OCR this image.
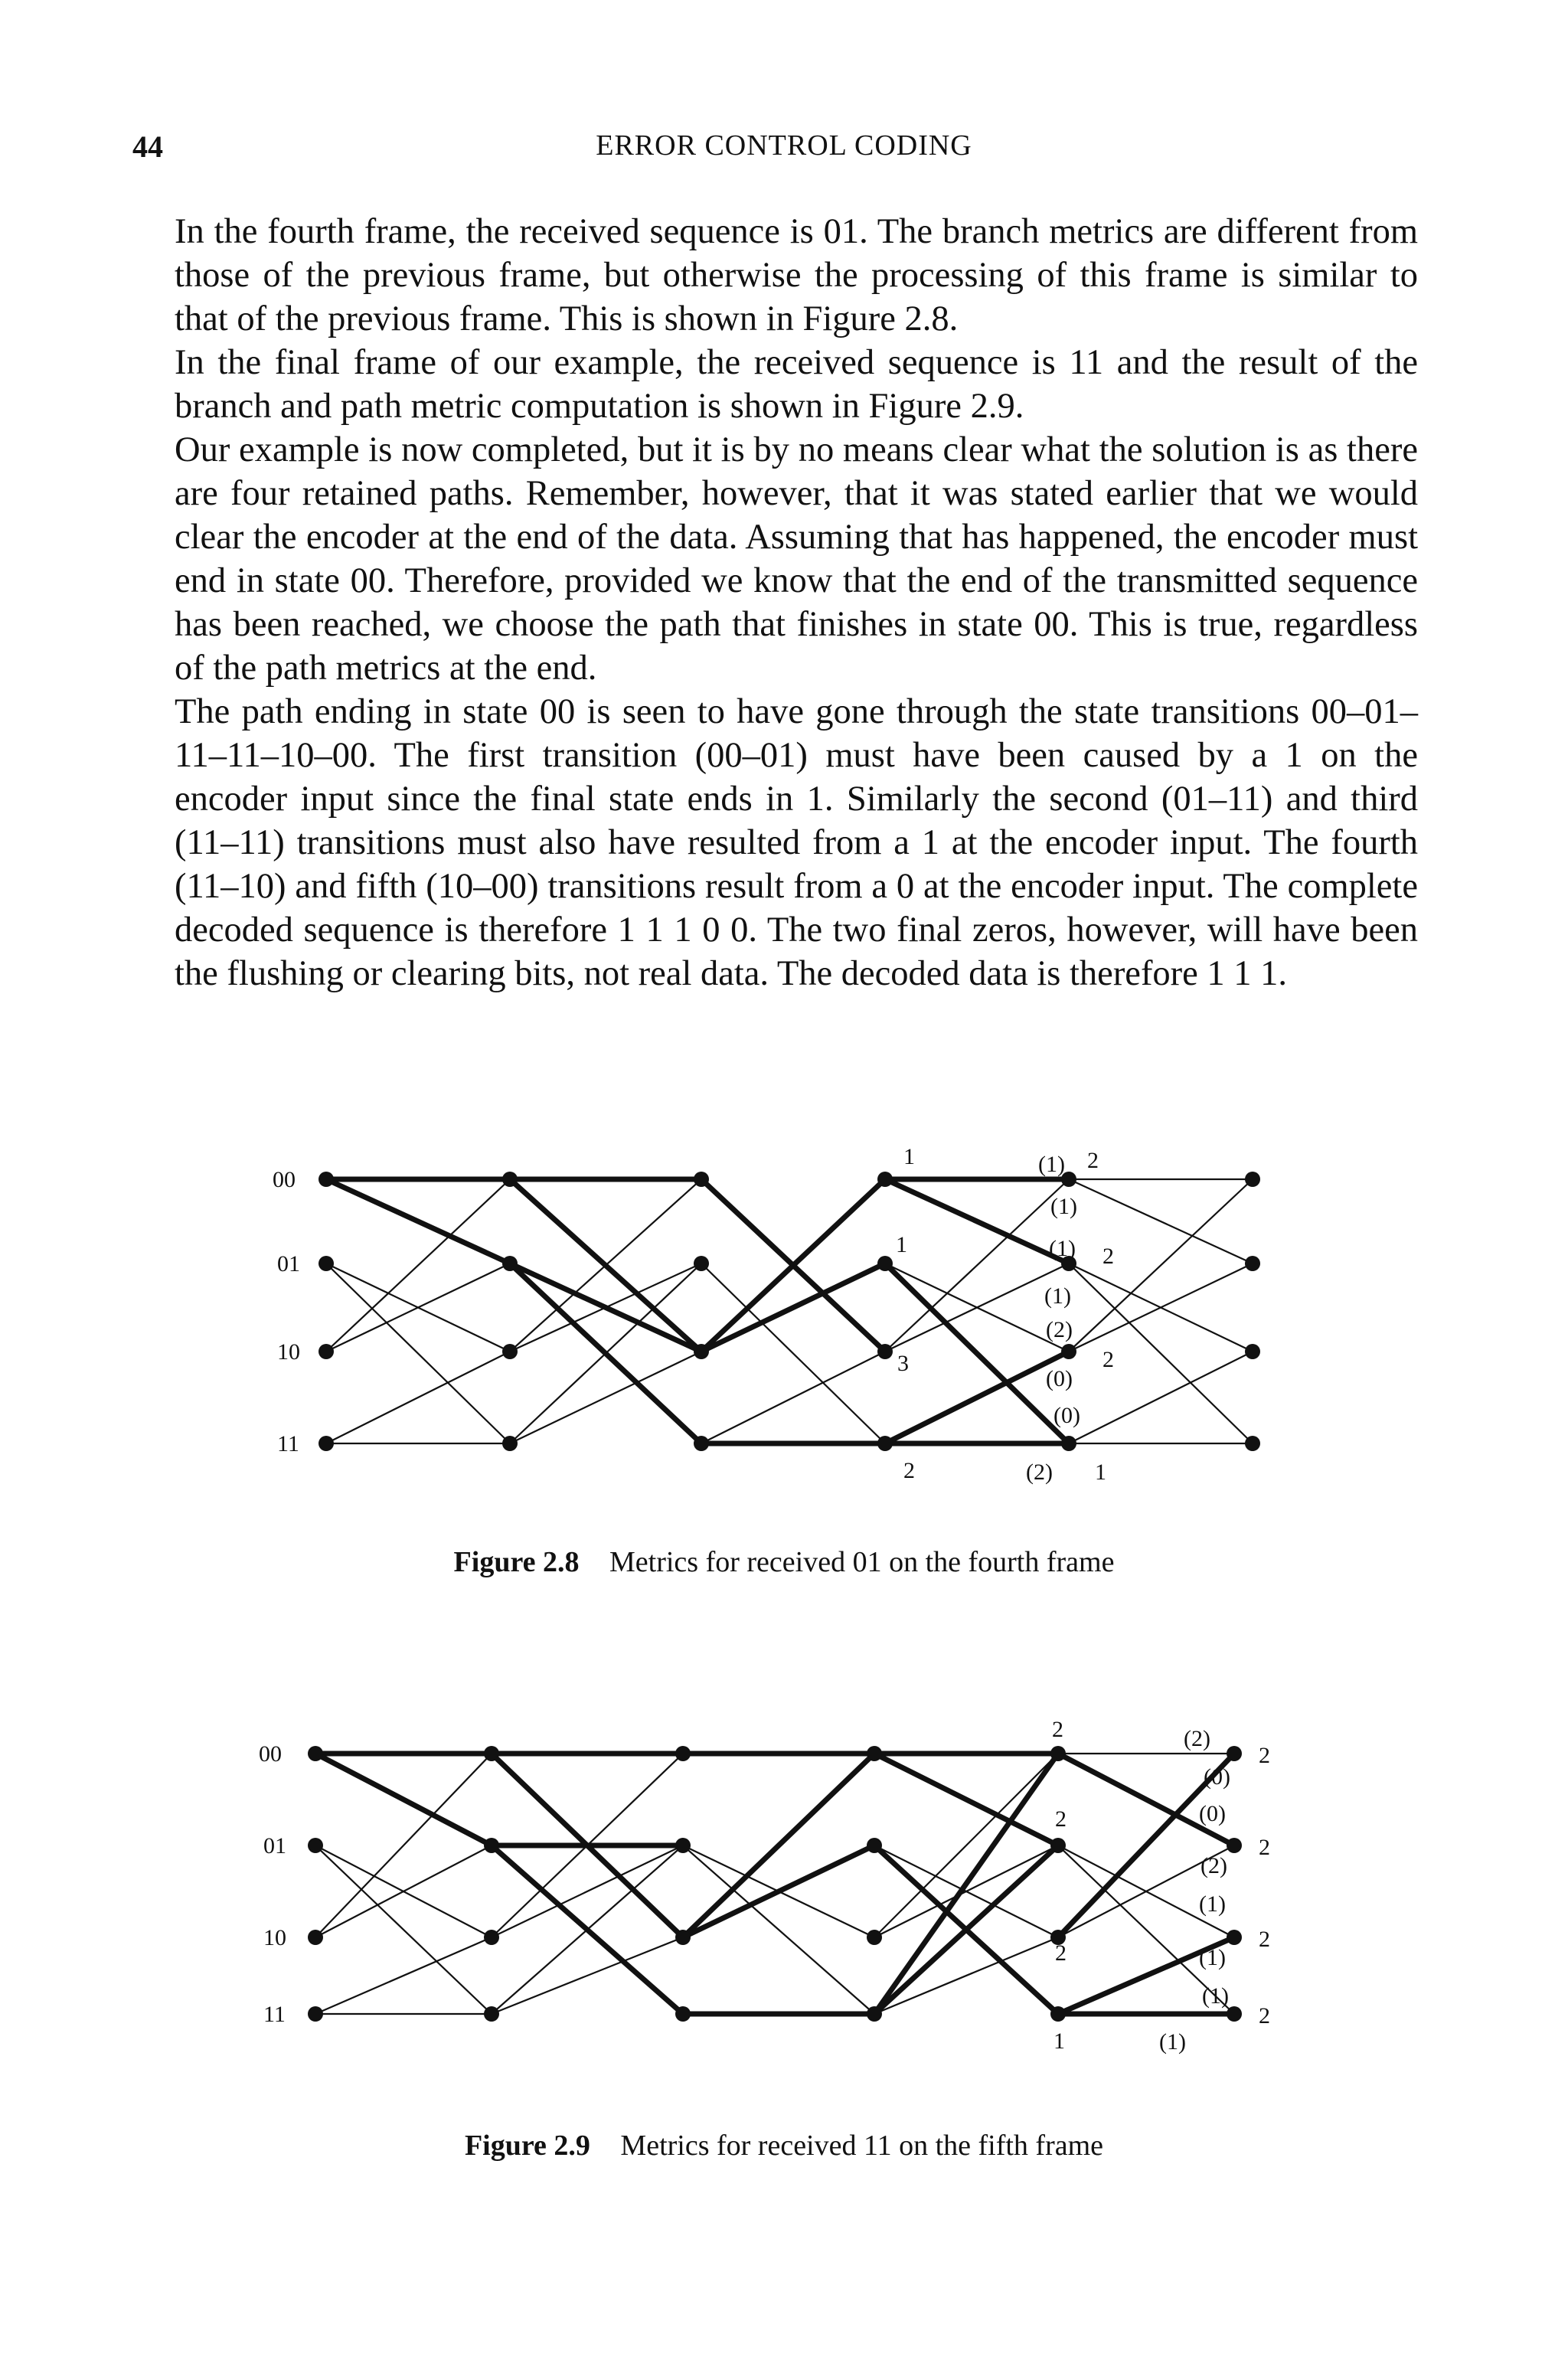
44	ERROR CONTROL CODING

In the fourth frame, the received sequence is 01. The branch metrics are different from those of the previous frame, but otherwise the processing of this frame is similar to that of the previous frame. This is shown in Figure 2.8.

In the final frame of our example, the received sequence is 11 and the result of the branch and path metric computation is shown in Figure 2.9.

Our example is now completed, but it is by no means clear what the solution is as there are four retained paths. Remember, however, that it was stated earlier that we would clear the encoder at the end of the data. Assuming that has happened, the encoder must end in state 00. Therefore, provided we know that the end of the transmitted sequence has been reached, we choose the path that finishes in state 00. This is true, regardless of the path metrics at the end.

The path ending in state 00 is seen to have gone through the state transitions 00–01–11–11–10–00. The first transition (00–01) must have been caused by a 1 on the encoder input since the final state ends in 1. Similarly the second (01–11) and third (11–11) transitions must also have resulted from a 1 at the encoder input. The fourth (11–10) and fifth (10–00) transitions result from a 0 at the encoder input. The complete decoded sequence is therefore 1 1 1 0 0. The two final zeros, however, will have been the flushing or clearing bits, not real data. The decoded data is therefore 1 1 1.

00
01
10
11
1
1
3
2
2
2
2
1
(1)
(1)
(1)
(1)
(2)
(0)
(0)
(2)
Figure 2.8 Metrics for received 01 on the fourth frame
00
01
10
11
2
2
2
1
2
2
2
2
(2)
(0)
(0)
(2)
(1)
(1)
(1)
(1)
Figure 2.9 Metrics for received 11 on the fifth frame
